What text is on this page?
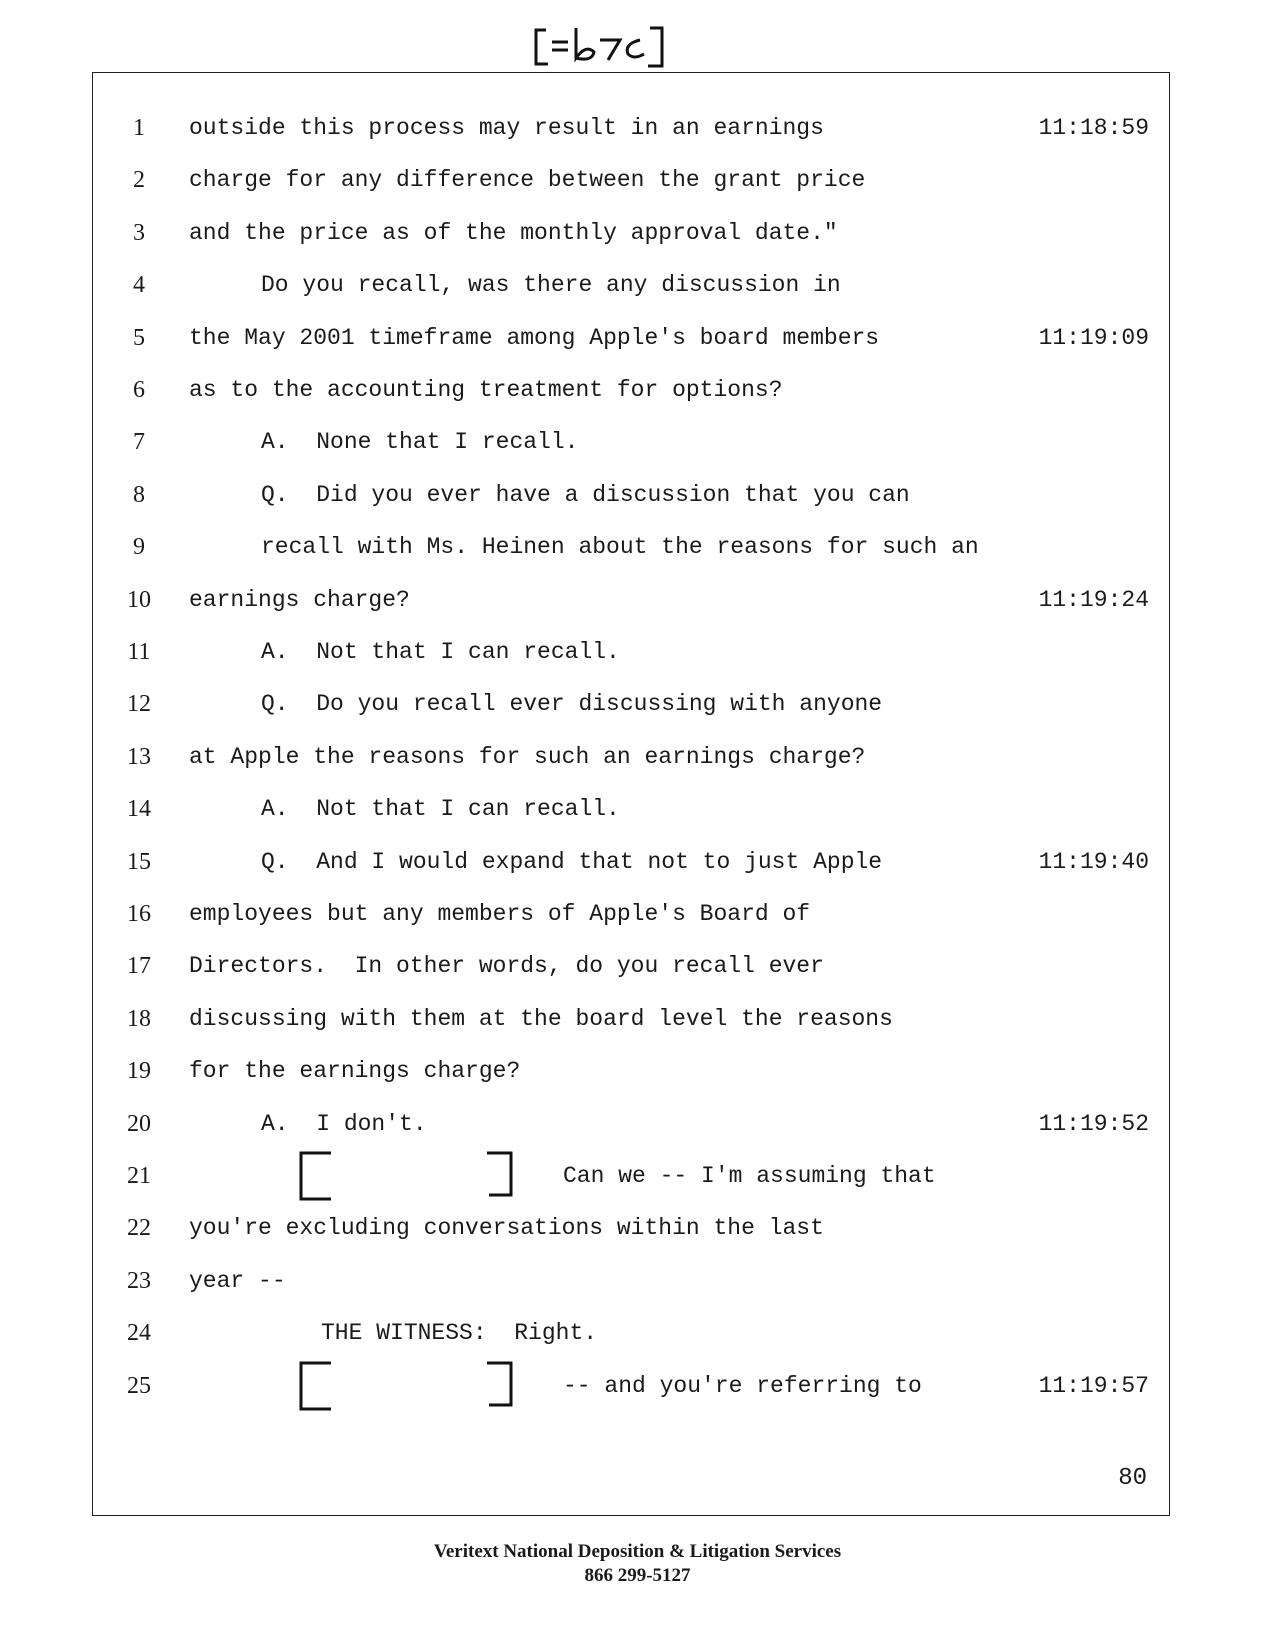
1	outside this process may result in an earnings	11:18:59
2	charge for any difference between the grant price
3	and the price as of the monthly approval date."
4	Do you recall, was there any discussion in
5	the May 2001 timeframe among Apple's board members	11:19:09
6	as to the accounting treatment for options?
7	A.  None that I recall.
8	Q.  Did you ever have a discussion that you can
9	recall with Ms. Heinen about the reasons for such an
10	earnings charge?	11:19:24
11	A.  Not that I can recall.
12	Q.  Do you recall ever discussing with anyone
13	at Apple the reasons for such an earnings charge?
14	A.  Not that I can recall.
15	Q.  And I would expand that not to just Apple	11:19:40
16	employees but any members of Apple's Board of
17	Directors.  In other words, do you recall ever
18	discussing with them at the board level the reasons
19	for the earnings charge?
20	A.  I don't.	11:19:52
21	Can we -- I'm assuming that
22	you're excluding conversations within the last
23	year --
24	THE WITNESS:  Right.
25	-- and you're referring to	11:19:57
80
Veritext National Deposition & Litigation Services
866 299-5127
